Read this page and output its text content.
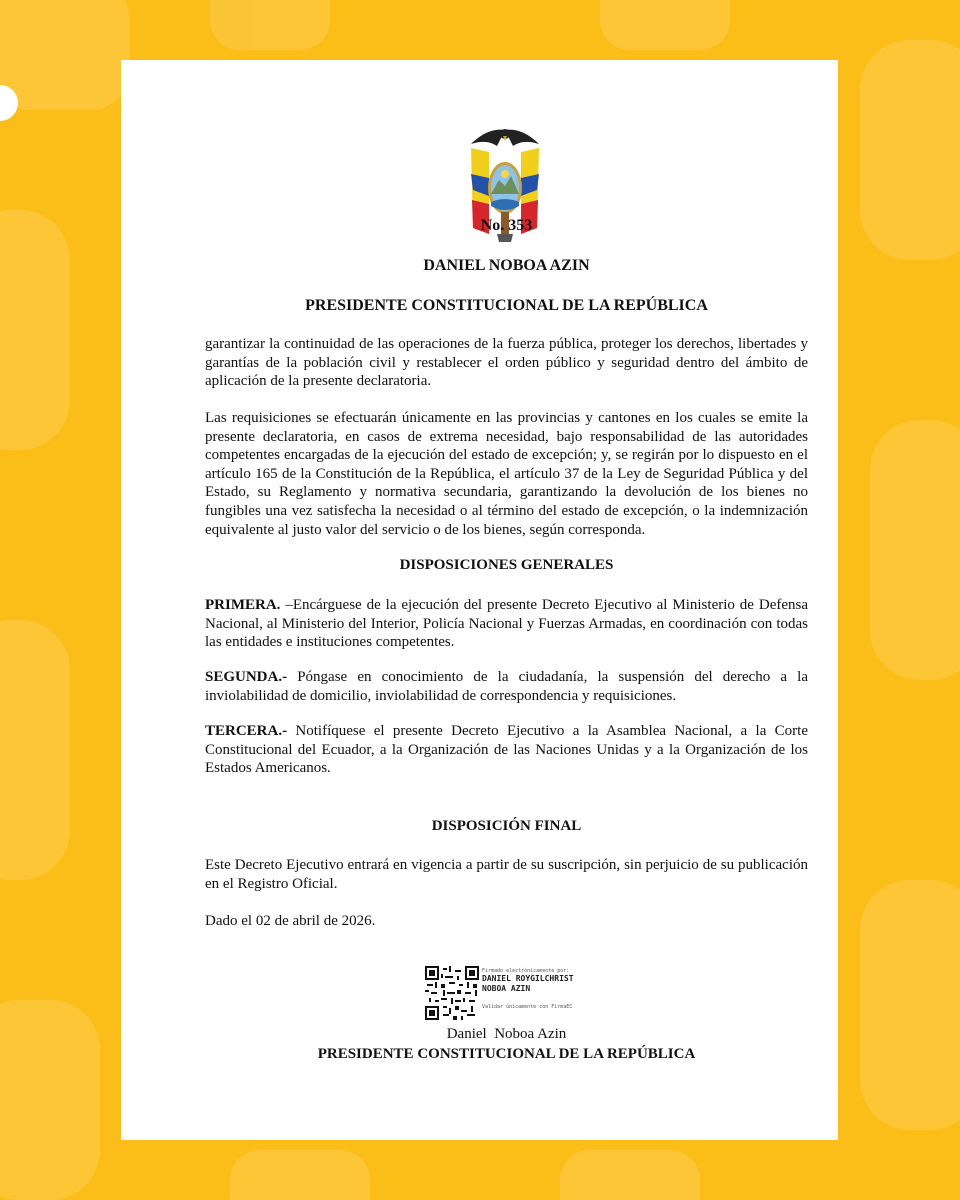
No. 353
DANIEL NOBOA AZIN
PRESIDENTE CONSTITUCIONAL DE LA REPÚBLICA
garantizar la continuidad de las operaciones de la fuerza pública, proteger los derechos, libertades y garantías de la población civil y restablecer el orden público y seguridad dentro del ámbito de aplicación de la presente declaratoria.
Las requisiciones se efectuarán únicamente en las provincias y cantones en los cuales se emite la presente declaratoria, en casos de extrema necesidad, bajo responsabilidad de las autoridades competentes encargadas de la ejecución del estado de excepción; y, se regirán por lo dispuesto en el artículo 165 de la Constitución de la República, el artículo 37 de la Ley de Seguridad Pública y del Estado, su Reglamento y normativa secundaria, garantizando la devolución de los bienes no fungibles una vez satisfecha la necesidad o al término del estado de excepción, o la indemnización equivalente al justo valor del servicio o de los bienes, según corresponda.
DISPOSICIONES GENERALES
PRIMERA. –Encárguese de la ejecución del presente Decreto Ejecutivo al Ministerio de Defensa Nacional, al Ministerio del Interior, Policía Nacional y Fuerzas Armadas, en coordinación con todas las entidades e instituciones competentes.
SEGUNDA.- Póngase en conocimiento de la ciudadanía, la suspensión del derecho a la inviolabilidad de domicilio, inviolabilidad de correspondencia y requisiciones.
TERCERA.- Notifíquese el presente Decreto Ejecutivo a la Asamblea Nacional, a la Corte Constitucional del Ecuador, a la Organización de las Naciones Unidas y a la Organización de los Estados Americanos.
DISPOSICIÓN FINAL
Este Decreto Ejecutivo entrará en vigencia a partir de su suscripción, sin perjuicio de su publicación en el Registro Oficial.
Dado el 02 de abril de 2026.
Firmado electrónicamente por:
DANIEL ROYGILCHRIST
NOBOA AZIN
Validar únicamente con FirmaEC
Daniel  Noboa Azin
PRESIDENTE CONSTITUCIONAL DE LA REPÚBLICA
